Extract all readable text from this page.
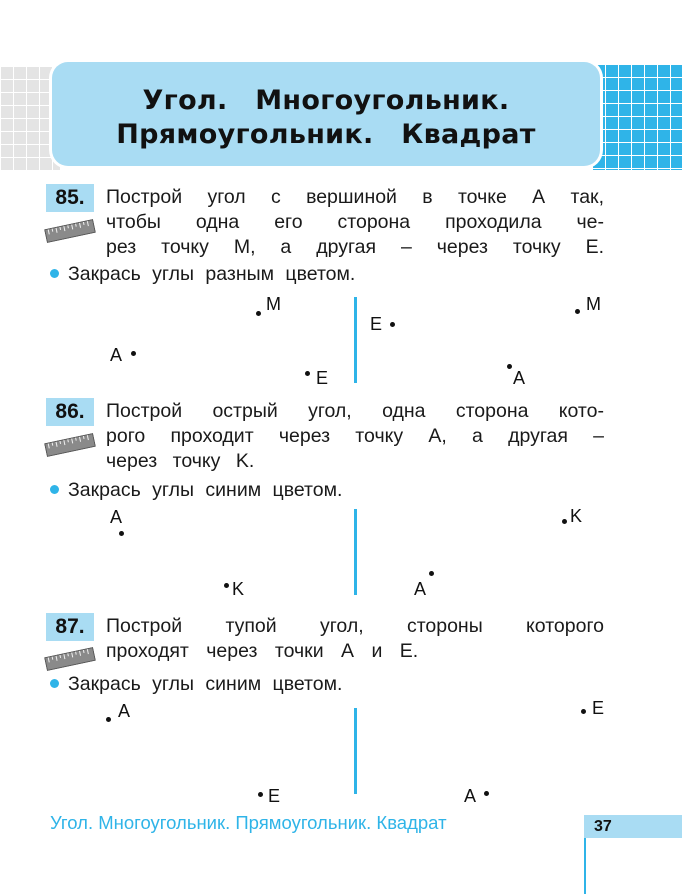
Угол. Многоугольник.
Прямоугольник. Квадрат
85.	Построй угол с вершиной в точке А так,

чтобы одна его сторона проходила че-

рез точку М, а другая – через точку Е.

Закрась углы разным цветом.
М
А
Е
Е
М
А
86.	Построй острый угол, одна сторона кото-

рого проходит через точку А, а другая –

через точку K.

Закрась углы синим цветом.
А
K
K
А
87.	Построй тупой угол, стороны которого

проходят через точки А и Е.

Закрась углы синим цветом.
А	Е
Е	А
Угол. Многоугольник. Прямоугольник. Квадрат	37
